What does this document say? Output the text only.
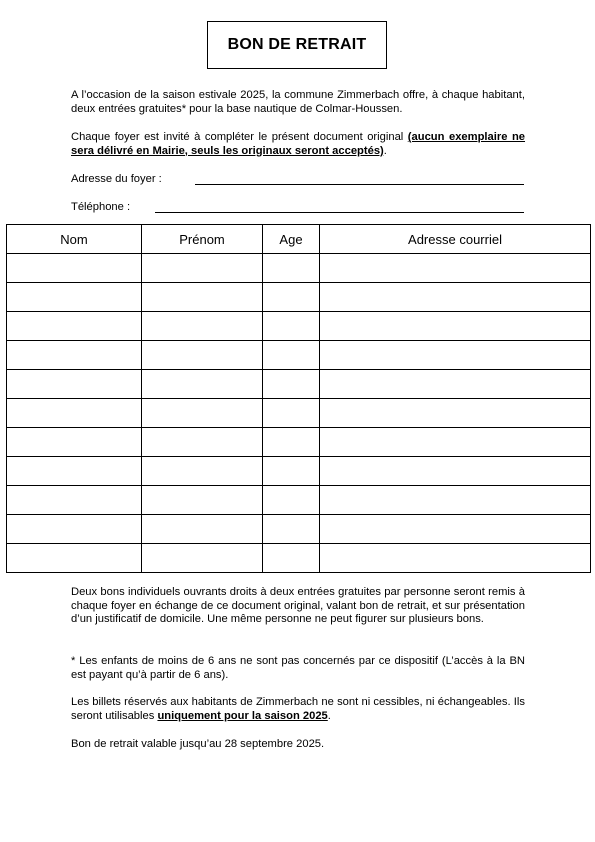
BON DE RETRAIT
A l’occasion de la saison estivale 2025, la commune Zimmerbach offre, à chaque habitant, deux entrées gratuites* pour la base nautique de Colmar-Houssen.
Chaque foyer est invité à compléter le présent document original (aucun exemplaire ne sera délivré en Mairie, seuls les originaux seront acceptés).
Adresse du foyer :
Téléphone :
Nom	Prénom	Age	Adresse courriel

Deux bons individuels ouvrants droits à deux entrées gratuites par personne seront remis à chaque foyer en échange de ce document original, valant bon de retrait, et sur présentation d’un justificatif de domicile. Une même personne ne peut figurer sur plusieurs bons.
* Les enfants de moins de 6 ans ne sont pas concernés par ce dispositif (L’accès à la BN est payant qu’à partir de 6 ans).
Les billets réservés aux habitants de Zimmerbach ne sont ni cessibles, ni échangeables. Ils seront utilisables uniquement pour la saison 2025.
Bon de retrait valable jusqu’au 28 septembre 2025.
